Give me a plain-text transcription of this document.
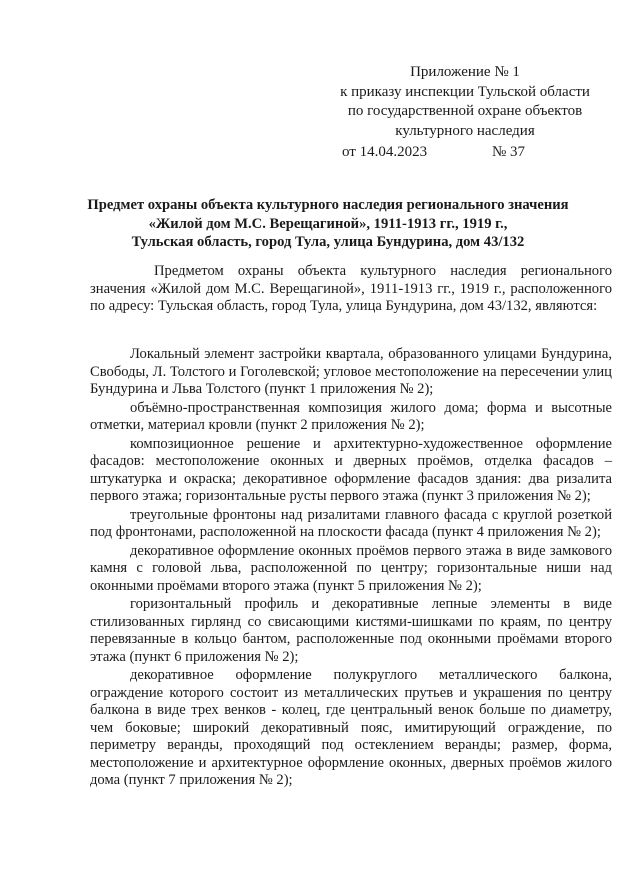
Приложение № 1
к приказу инспекции Тульской области
по государственной охране объектов
культурного наследия
от 14.04.2023	№ 37
Предмет охраны объекта культурного наследия регионального значения
«Жилой дом М.С. Верещагиной», 1911-1913 гг., 1919 г.,
Тульская область, город Тула, улица Бундурина, дом 43/132

Предметом охраны объекта культурного наследия регионального значения «Жилой дом М.С. Верещагиной», 1911-1913 гг., 1919 г., расположенного по адресу: Тульская область, город Тула, улица Бундурина, дом 43/132, являются:

Локальный элемент застройки квартала, образованного улицами Бундурина, Свободы, Л. Толстого и Гоголевской; угловое местоположение на пересечении улиц Бундурина и Льва Толстого (пункт 1 приложения № 2);

объёмно-пространственная композиция жилого дома; форма и высотные отметки, материал кровли (пункт 2 приложения № 2);

композиционное решение и архитектурно-художественное оформление фасадов: местоположение оконных и дверных проёмов, отделка фасадов – штукатурка и окраска; декоративное оформление фасадов здания: два ризалита первого этажа; горизонтальные русты первого этажа (пункт 3 приложения № 2);

треугольные фронтоны над ризалитами главного фасада с круглой розеткой под фронтонами, расположенной на плоскости фасада (пункт 4 приложения № 2);

декоративное оформление оконных проёмов первого этажа в виде замкового камня с головой льва, расположенной по центру; горизонтальные ниши над оконными проёмами второго этажа (пункт 5 приложения № 2);

горизонтальный профиль и декоративные лепные элементы в виде стилизованных гирлянд со свисающими кистями-шишками по краям, по центру перевязанные в кольцо бантом, расположенные под оконными проёмами второго этажа (пункт 6 приложения № 2);

декоративное оформление полукруглого металлического балкона, ограждение которого состоит из металлических прутьев и украшения по центру балкона в виде трех венков - колец, где центральный венок больше по диаметру, чем боковые; широкий декоративный пояс, имитирующий ограждение, по периметру веранды, проходящий под остеклением веранды; размер, форма, местоположение и архитектурное оформление оконных, дверных проёмов жилого дома (пункт 7 приложения № 2);
